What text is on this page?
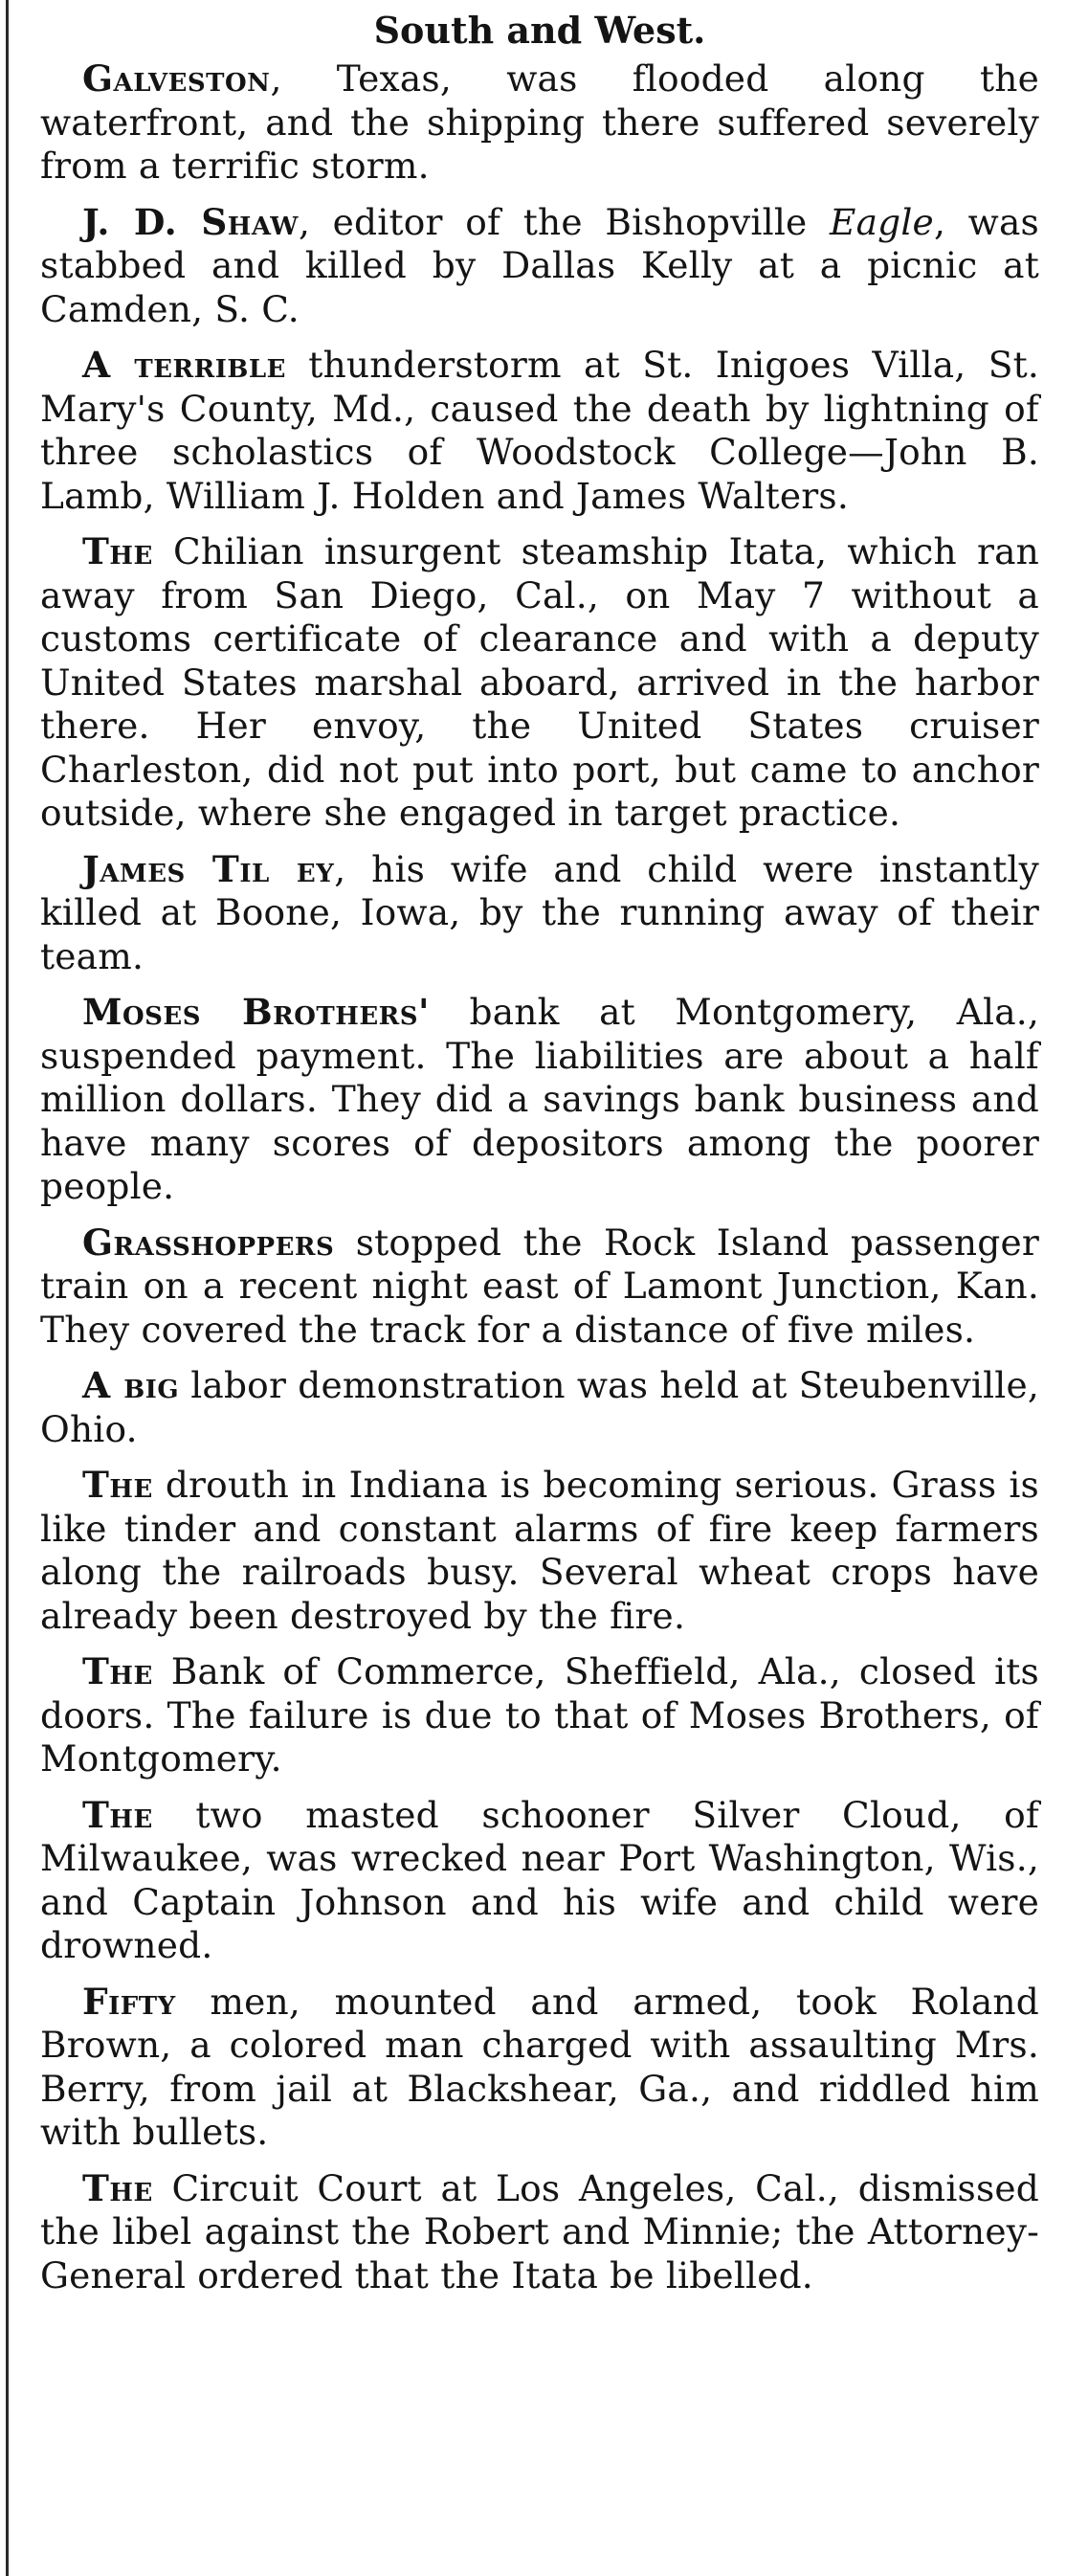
South and West.

Galveston, Texas, was flooded along the waterfront, and the shipping there suffered severely from a terrific storm.

J. D. Shaw, editor of the Bishopville Eagle, was stabbed and killed by Dallas Kelly at a picnic at Camden, S. C.

A terrible thunderstorm at St. Inigoes Villa, St. Mary's County, Md., caused the death by lightning of three scholastics of Woodstock College—John B. Lamb, William J. Holden and James Walters.

The Chilian insurgent steamship Itata, which ran away from San Diego, Cal., on May 7 without a customs certificate of clearance and with a deputy United States marshal aboard, arrived in the harbor there. Her envoy, the United States cruiser Charleston, did not put into port, but came to anchor outside, where she engaged in target practice.

James Til ey, his wife and child were instantly killed at Boone, Iowa, by the running away of their team.

Moses Brothers' bank at Montgomery, Ala., suspended payment. The liabilities are about a half million dollars. They did a savings bank business and have many scores of depositors among the poorer people.

Grasshoppers stopped the Rock Island passenger train on a recent night east of Lamont Junction, Kan. They covered the track for a distance of five miles.

A big labor demonstration was held at Steubenville, Ohio.

The drouth in Indiana is becoming serious. Grass is like tinder and constant alarms of fire keep farmers along the railroads busy. Several wheat crops have already been destroyed by the fire.

The Bank of Commerce, Sheffield, Ala., closed its doors. The failure is due to that of Moses Brothers, of Montgomery.

The two masted schooner Silver Cloud, of Milwaukee, was wrecked near Port Washington, Wis., and Captain Johnson and his wife and child were drowned.

Fifty men, mounted and armed, took Roland Brown, a colored man charged with assaulting Mrs. Berry, from jail at Blackshear, Ga., and riddled him with bullets.

The Circuit Court at Los Angeles, Cal., dismissed the libel against the Robert and Minnie; the Attorney-General ordered that the Itata be libelled.
